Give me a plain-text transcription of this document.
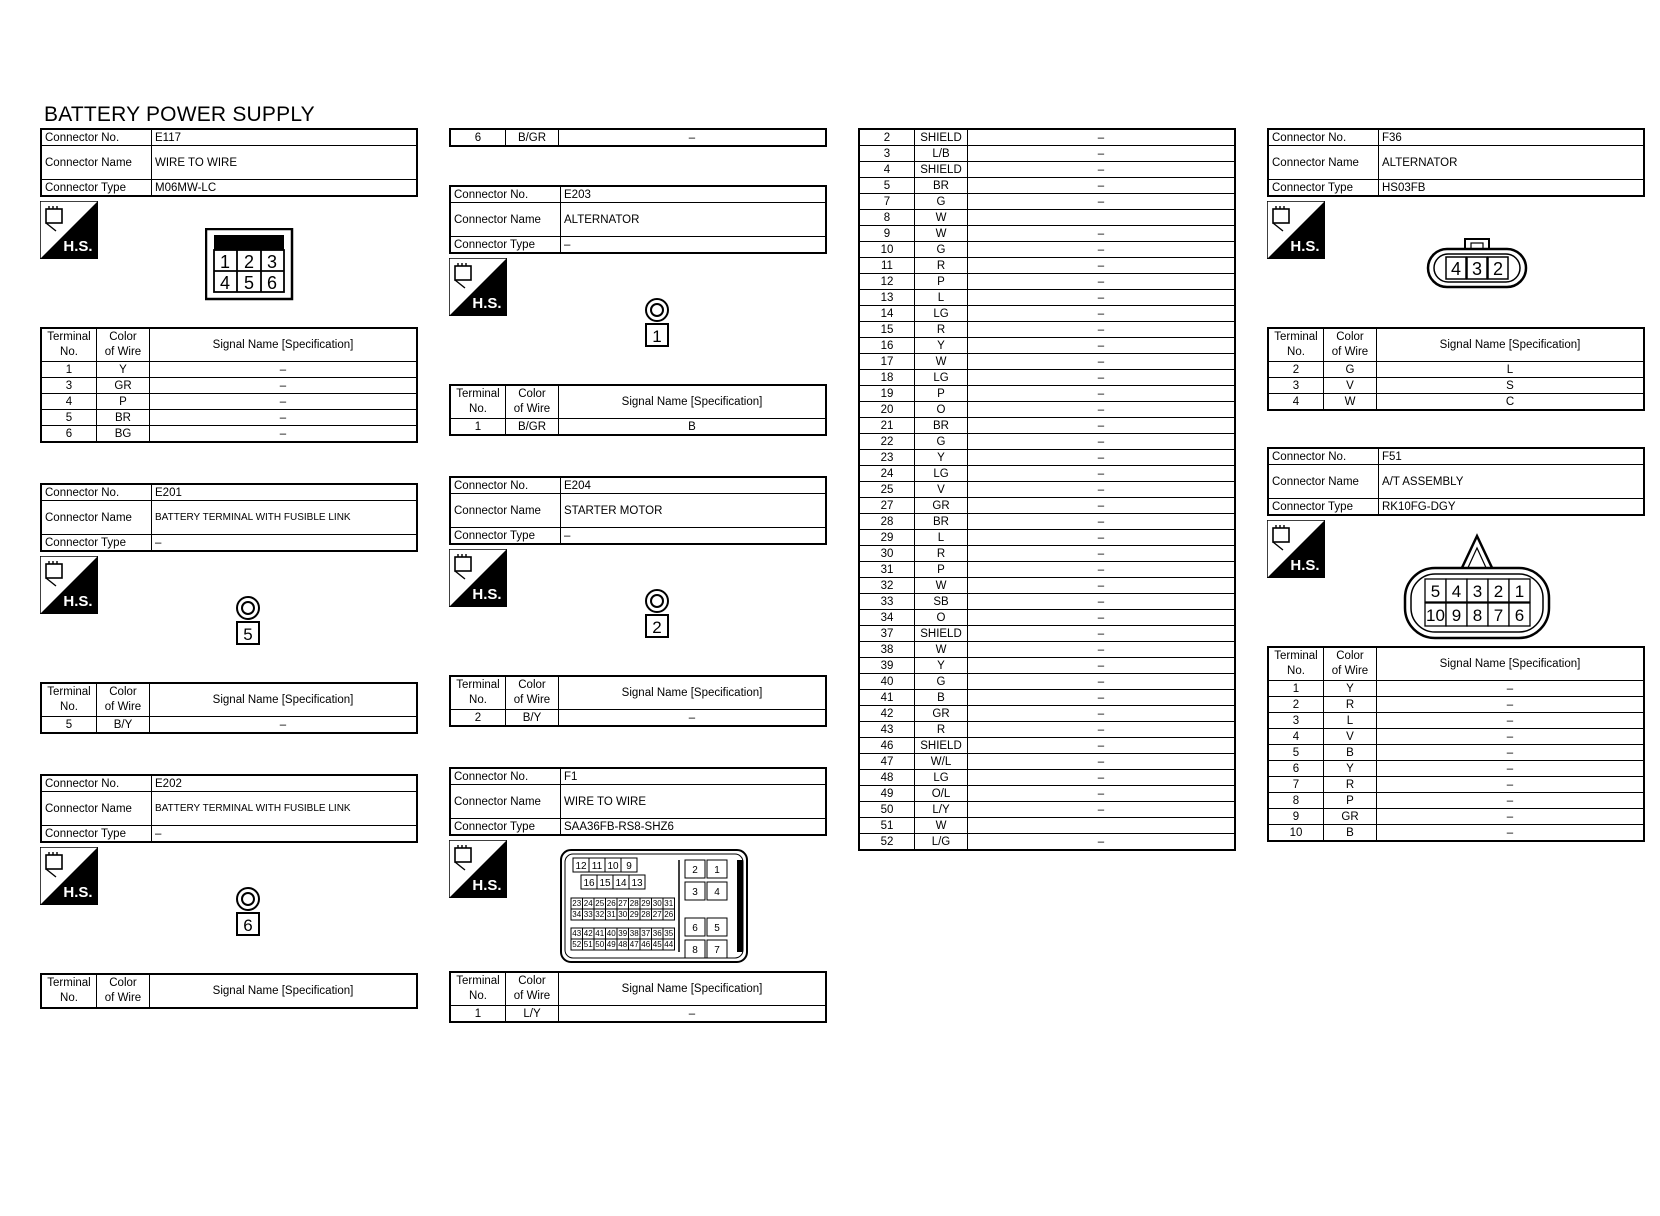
BATTERY POWER SUPPLY
Connector No.	E117
Connector Name	WIRE TO WIRE
Connector Type	M06MW-LC
H.S.
1 2 3
4 5 6
Terminal
No.	Color
of Wire	Signal Name [Specification]
1	Y	–
3	GR	–
4	P	–
5	BR	–
6	BG	–
Connector No.	E201
Connector Name	BATTERY TERMINAL WITH FUSIBLE LINK
Connector Type	–
H.S.
5
Terminal
No.	Color
of Wire	Signal Name [Specification]
5	B/Y	–
Connector No.	E202
Connector Name	BATTERY TERMINAL WITH FUSIBLE LINK
Connector Type	–
H.S.
6
Terminal
No.	Color
of Wire	Signal Name [Specification]
6	B/GR	–
Connector No.	E203
Connector Name	ALTERNATOR
Connector Type	–
H.S.
1
Terminal
No.	Color
of Wire	Signal Name [Specification]
1	B/GR	B
Connector No.	E204
Connector Name	STARTER MOTOR
Connector Type	–
H.S.
2
Terminal
No.	Color
of Wire	Signal Name [Specification]
2	B/Y	–
Connector No.	F1
Connector Name	WIRE TO WIRE
Connector Type	SAA36FB-RS8-SHZ6
H.S.
12 11 10 9
16 15 14 13
23 24 25 26 27 28 29 30 31
34 33 32 31 30 29 28 27 26
43 42 41 40 39 38 37 36 35
52 51 50 49 48 47 46 45 44
2 1
3 4
6 5
8 7
Terminal
No.	Color
of Wire	Signal Name [Specification]
1	L/Y	–
2	SHIELD	–
3	L/B	–
4	SHIELD	–
5	BR	–
7	G	–
8	W	
9	W	–
10	G	–
11	R	–
12	P	–
13	L	–
14	LG	–
15	R	–
16	Y	–
17	W	–
18	LG	–
19	P	–
20	O	–
21	BR	–
22	G	–
23	Y	–
24	LG	–
25	V	–
27	GR	–
28	BR	–
29	L	–
30	R	–
31	P	–
32	W	–
33	SB	–
34	O	–
37	SHIELD	–
38	W	–
39	Y	–
40	G	–
41	B	–
42	GR	–
43	R	–
46	SHIELD	–
47	W/L	–
48	LG	–
49	O/L	–
50	L/Y	–
51	W	
52	L/G	–
Connector No.	F36
Connector Name	ALTERNATOR
Connector Type	HS03FB
H.S.
4 3 2
Terminal
No.	Color
of Wire	Signal Name [Specification]
2	G	L
3	V	S
4	W	C
Connector No.	F51
Connector Name	A/T ASSEMBLY
Connector Type	RK10FG-DGY
H.S.
5 4 3 2 1
10 9 8 7 6
Terminal
No.	Color
of Wire	Signal Name [Specification]
1	Y	–
2	R	–
3	L	–
4	V	–
5	B	–
6	Y	–
7	R	–
8	P	–
9	GR	–
10	B	–
